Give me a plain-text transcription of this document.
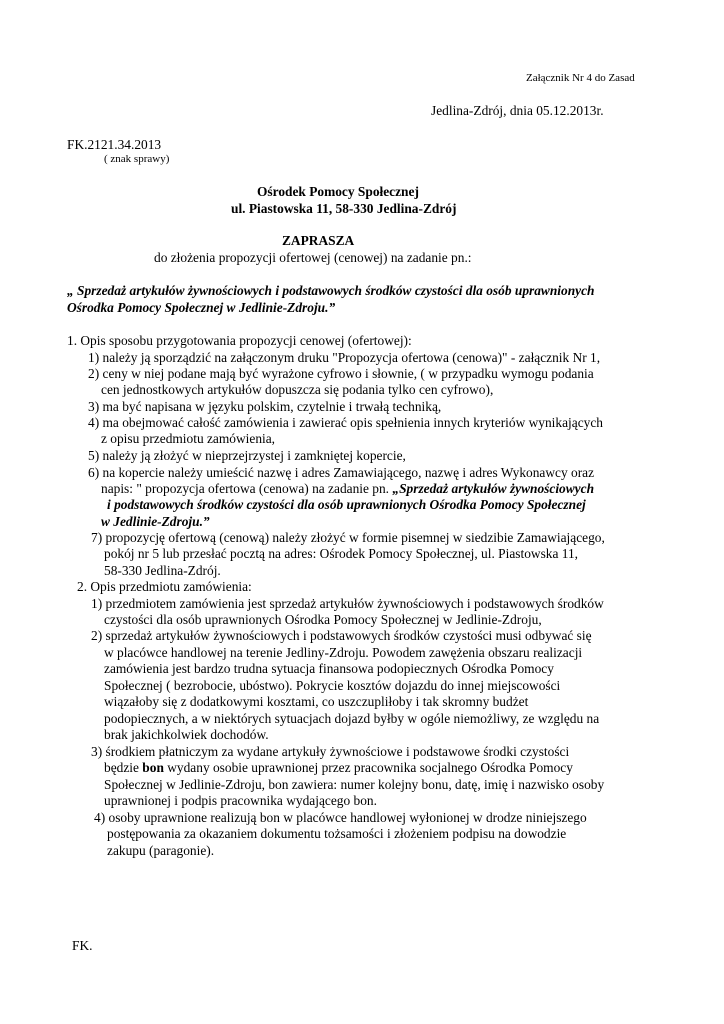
Załącznik Nr 4 do Zasad
Jedlina-Zdrój, dnia 05.12.2013r.
FK.2121.34.2013
( znak sprawy)
Ośrodek Pomocy Społecznej
ul. Piastowska 11, 58-330 Jedlina-Zdrój
ZAPRASZA
do złożenia propozycji ofertowej (cenowej) na zadanie pn.:
„ Sprzedaż artykułów żywnościowych i podstawowych środków czystości dla osób uprawnionych
Ośrodka Pomocy Społecznej w Jedlinie-Zdroju.”
1. Opis sposobu przygotowania propozycji cenowej (ofertowej):
1) należy ją sporządzić na załączonym druku "Propozycja ofertowa (cenowa)" - załącznik Nr 1,
2) ceny w niej podane mają być wyrażone cyfrowo i słownie, ( w przypadku wymogu podania
cen jednostkowych artykułów dopuszcza się podania tylko cen cyfrowo),
3) ma być napisana w języku polskim, czytelnie i trwałą techniką,
4) ma obejmować całość zamówienia i zawierać opis spełnienia innych kryteriów wynikających
z opisu przedmiotu zamówienia,
5) należy ją złożyć w nieprzejrzystej i zamkniętej kopercie,
6) na kopercie należy umieścić nazwę i adres Zamawiającego, nazwę i adres Wykonawcy oraz
napis: " propozycja ofertowa (cenowa) na zadanie pn. „Sprzedaż artykułów żywnościowych
i podstawowych środków czystości dla osób uprawnionych Ośrodka Pomocy Społecznej
w Jedlinie-Zdroju.”
7) propozycję ofertową (cenową) należy złożyć w formie pisemnej w siedzibie Zamawiającego,
pokój nr 5 lub przesłać pocztą na adres: Ośrodek Pomocy Społecznej, ul. Piastowska 11,
58-330 Jedlina-Zdrój.
2. Opis przedmiotu zamówienia:
1) przedmiotem zamówienia jest sprzedaż artykułów żywnościowych i podstawowych środków
czystości dla osób uprawnionych Ośrodka Pomocy Społecznej w Jedlinie-Zdroju,
2) sprzedaż artykułów żywnościowych i podstawowych środków czystości musi odbywać się
w placówce handlowej na terenie Jedliny-Zdroju. Powodem zawężenia obszaru realizacji
zamówienia jest bardzo trudna sytuacja finansowa podopiecznych Ośrodka Pomocy
Społecznej ( bezrobocie, ubóstwo). Pokrycie kosztów dojazdu do innej miejscowości
wiązałoby się z dodatkowymi kosztami, co uszczupliłoby i tak skromny budżet
podopiecznych, a w niektórych sytuacjach dojazd byłby w ogóle niemożliwy, ze względu na
brak jakichkolwiek dochodów.
3) środkiem płatniczym za wydane artykuły żywnościowe i podstawowe środki czystości
będzie bon wydany osobie uprawnionej przez pracownika socjalnego Ośrodka Pomocy
Społecznej w Jedlinie-Zdroju, bon zawiera: numer kolejny bonu, datę, imię i nazwisko osoby
uprawnionej i podpis pracownika wydającego bon.
4) osoby uprawnione realizują bon w placówce handlowej wyłonionej w drodze niniejszego
postępowania za okazaniem dokumentu tożsamości i złożeniem podpisu na dowodzie
zakupu (paragonie).
FK.
